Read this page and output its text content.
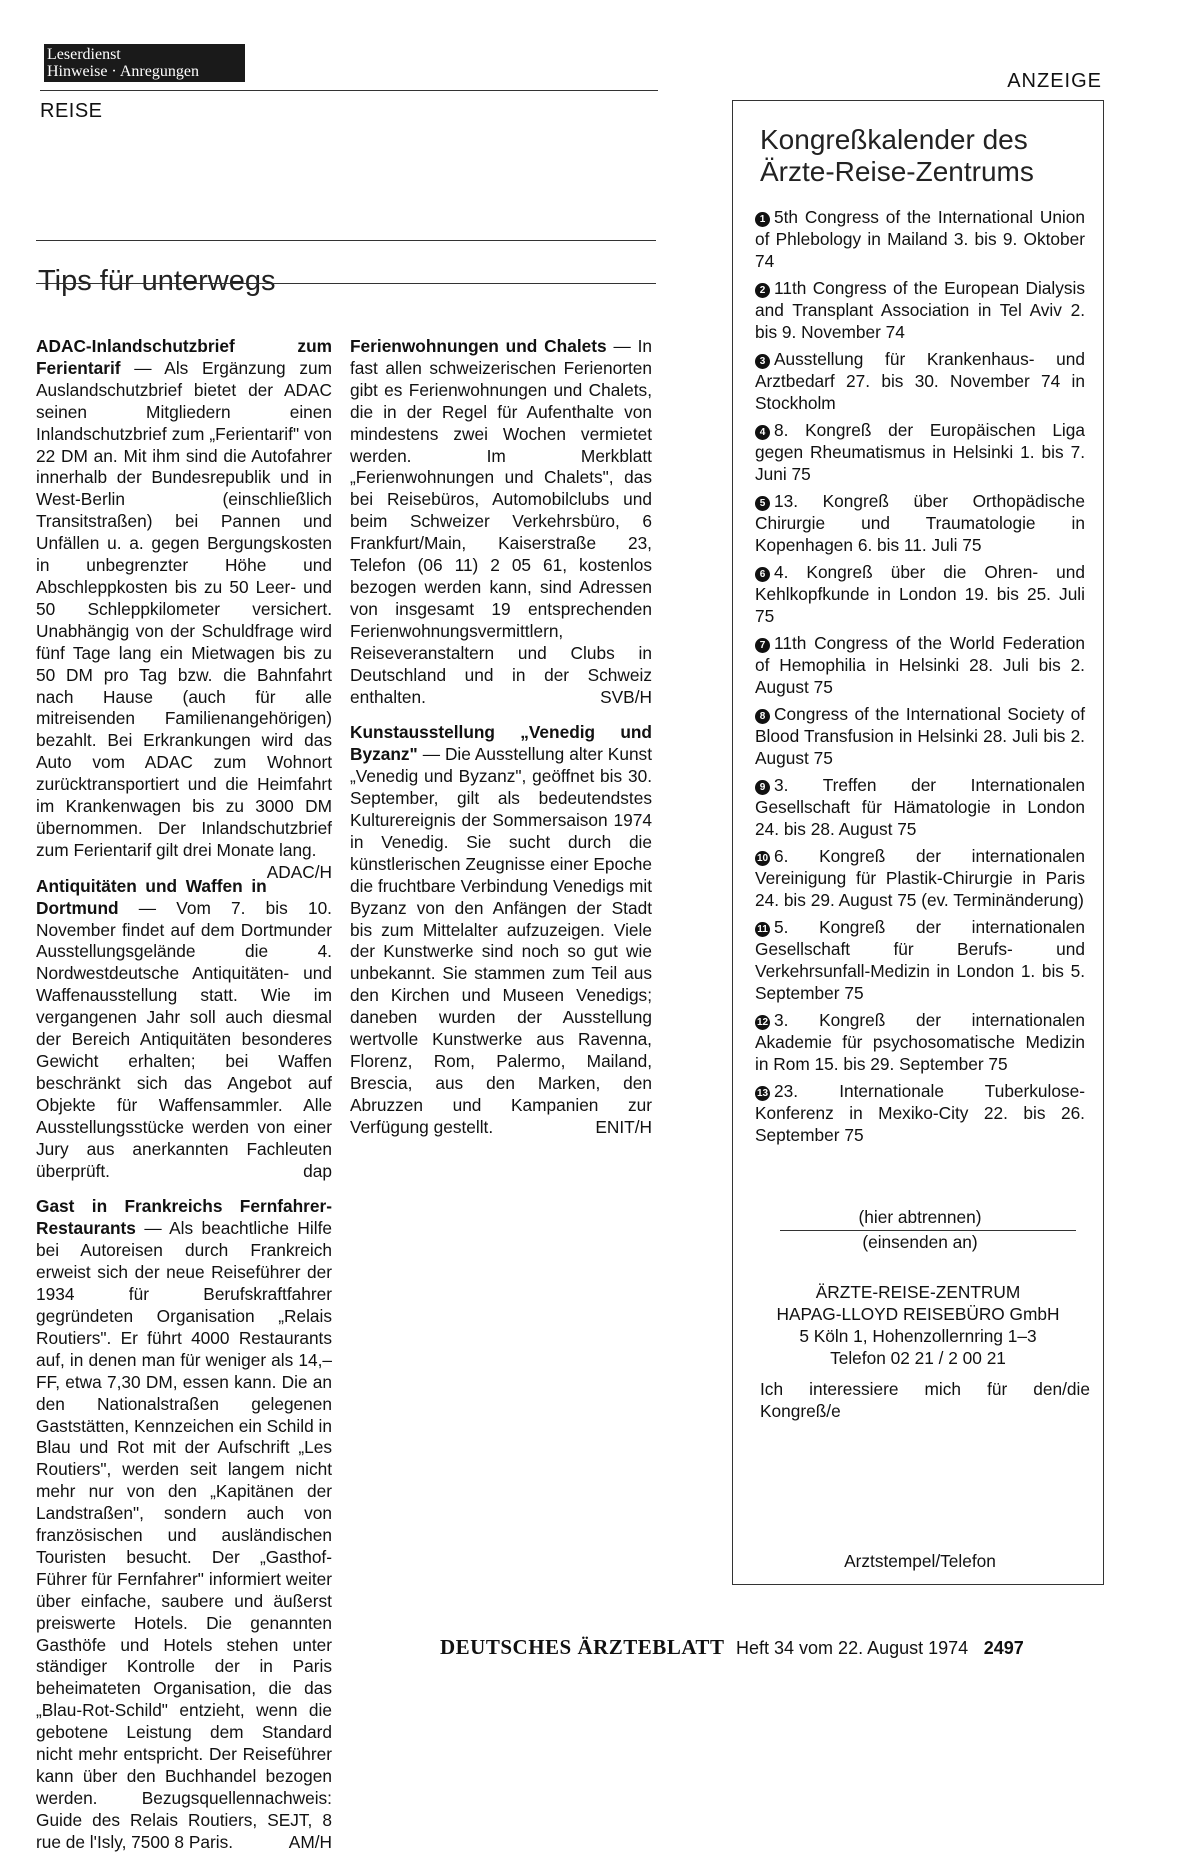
Leserdienst
Hinweise · Anregungen
REISE
Tips für unterwegs

ADAC-Inlandschutzbrief zum Ferientarif — Als Ergänzung zum Auslandschutzbrief bietet der ADAC seinen Mitgliedern einen Inlandschutzbrief zum „Ferientarif" von 22 DM an. Mit ihm sind die Autofahrer innerhalb der Bundesrepublik und in West-Berlin (einschließlich Transitstraßen) bei Pannen und Unfällen u. a. gegen Bergungskosten in unbegrenzter Höhe und Abschleppkosten bis zu 50 Leer- und 50 Schleppkilometer versichert. Unabhängig von der Schuldfrage wird fünf Tage lang ein Mietwagen bis zu 50 DM pro Tag bzw. die Bahnfahrt nach Hause (auch für alle mitreisenden Familienangehörigen) bezahlt. Bei Erkrankungen wird das Auto vom ADAC zum Wohnort zurücktransportiert und die Heimfahrt im Krankenwagen bis zu 3000 DM übernommen. Der Inlandschutzbrief zum Ferientarif gilt drei Monate lang.
ADAC/H

Antiquitäten und Waffen in Dortmund — Vom 7. bis 10. November findet auf dem Dortmunder Ausstellungsgelände die 4. Nordwestdeutsche Antiquitäten- und Waffenausstellung statt. Wie im vergangenen Jahr soll auch diesmal der Bereich Antiquitäten besonderes Gewicht erhalten; bei Waffen beschränkt sich das Angebot auf Objekte für Waffensammler. Alle Ausstellungsstücke werden von einer Jury aus anerkannten Fachleuten überprüft.	dap

Gast in Frankreichs Fernfahrer-Restaurants — Als beachtliche Hilfe bei Autoreisen durch Frankreich erweist sich der neue Reiseführer der 1934 für Berufskraftfahrer gegründeten Organisation „Relais Routiers". Er führt 4000 Restaurants auf, in denen man für weniger als 14,– FF, etwa 7,30 DM, essen kann. Die an den Nationalstraßen gelegenen Gaststätten, Kennzeichen ein Schild in Blau und Rot mit der Aufschrift „Les Routiers", werden seit langem nicht mehr nur von den „Kapitänen der Landstraßen", sondern auch von französischen und ausländischen Touristen besucht. Der „Gasthof-Führer für Fernfahrer" informiert weiter über einfache, saubere und äußerst preiswerte Hotels. Die genannten Gasthöfe und Hotels stehen unter ständiger Kontrolle der in Paris beheimateten Organisation, die das „Blau-Rot-Schild" entzieht, wenn die gebotene Leistung dem Standard nicht mehr entspricht. Der Reiseführer kann über den Buchhandel bezogen werden. Bezugsquellennachweis: Guide des Relais Routiers, SEJT, 8 rue de l'Isly, 7500 8 Paris.	AM/H

Ferienwohnungen und Chalets — In fast allen schweizerischen Ferienorten gibt es Ferienwohnungen und Chalets, die in der Regel für Aufenthalte von mindestens zwei Wochen vermietet werden. Im Merkblatt „Ferienwohnungen und Chalets", das bei Reisebüros, Automobilclubs und beim Schweizer Verkehrsbüro, 6 Frankfurt/Main, Kaiserstraße 23, Telefon (06 11) 2 05 61, kostenlos bezogen werden kann, sind Adressen von insgesamt 19 entsprechenden Ferienwohnungsvermittlern, Reiseveranstaltern und Clubs in Deutschland und in der Schweiz enthalten.	SVB/H

Kunstausstellung „Venedig und Byzanz" — Die Ausstellung alter Kunst „Venedig und Byzanz", geöffnet bis 30. September, gilt als bedeutendstes Kulturereignis der Sommersaison 1974 in Venedig. Sie sucht durch die künstlerischen Zeugnisse einer Epoche die fruchtbare Verbindung Venedigs mit Byzanz von den Anfängen der Stadt bis zum Mittelalter aufzuzeigen. Viele der Kunstwerke sind noch so gut wie unbekannt. Sie stammen zum Teil aus den Kirchen und Museen Venedigs; daneben wurden der Ausstellung wertvolle Kunstwerke aus Ravenna, Florenz, Rom, Palermo, Mailand, Brescia, aus den Marken, den Abruzzen und Kampanien zur Verfügung gestellt.	ENIT/H

ANZEIGE
Kongreßkalender des
Ärzte-Reise-Zentrums
1 5th Congress of the International Union of Phlebology in Mailand 3. bis 9. Oktober 74
2 11th Congress of the European Dialysis and Transplant Association in Tel Aviv 2. bis 9. November 74
3 Ausstellung für Krankenhaus- und Arztbedarf 27. bis 30. November 74 in Stockholm
4 8. Kongreß der Europäischen Liga gegen Rheumatismus in Helsinki 1. bis 7. Juni 75
5 13. Kongreß über Orthopädische Chirurgie und Traumatologie in Kopenhagen 6. bis 11. Juli 75
6 4. Kongreß über die Ohren- und Kehlkopfkunde in London 19. bis 25. Juli 75
7 11th Congress of the World Federation of Hemophilia in Helsinki 28. Juli bis 2. August 75
8 Congress of the International Society of Blood Transfusion in Helsinki 28. Juli bis 2. August 75
9 3. Treffen der Internationalen Gesellschaft für Hämatologie in London 24. bis 28. August 75
10 6. Kongreß der internationalen Vereinigung für Plastik-Chirurgie in Paris 24. bis 29. August 75 (ev. Terminänderung)
11 5. Kongreß der internationalen Gesellschaft für Berufs- und Verkehrsunfall-Medizin in London 1. bis 5. September 75
12 3. Kongreß der internationalen Akademie für psychosomatische Medizin in Rom 15. bis 29. September 75
13 23. Internationale Tuberkulose-Konferenz in Mexiko-City 22. bis 26. September 75
(hier abtrennen)
(einsenden an)
ÄRZTE-REISE-ZENTRUM
HAPAG-LLOYD REISEBÜRO GmbH
5 Köln 1, Hohenzollernring 1–3
Telefon 02 21 / 2 00 21
Ich interessiere mich für den/die Kongreß/e
Arztstempel/Telefon
DEUTSCHES ÄRZTEBLATT Heft 34 vom 22. August 1974 2497
